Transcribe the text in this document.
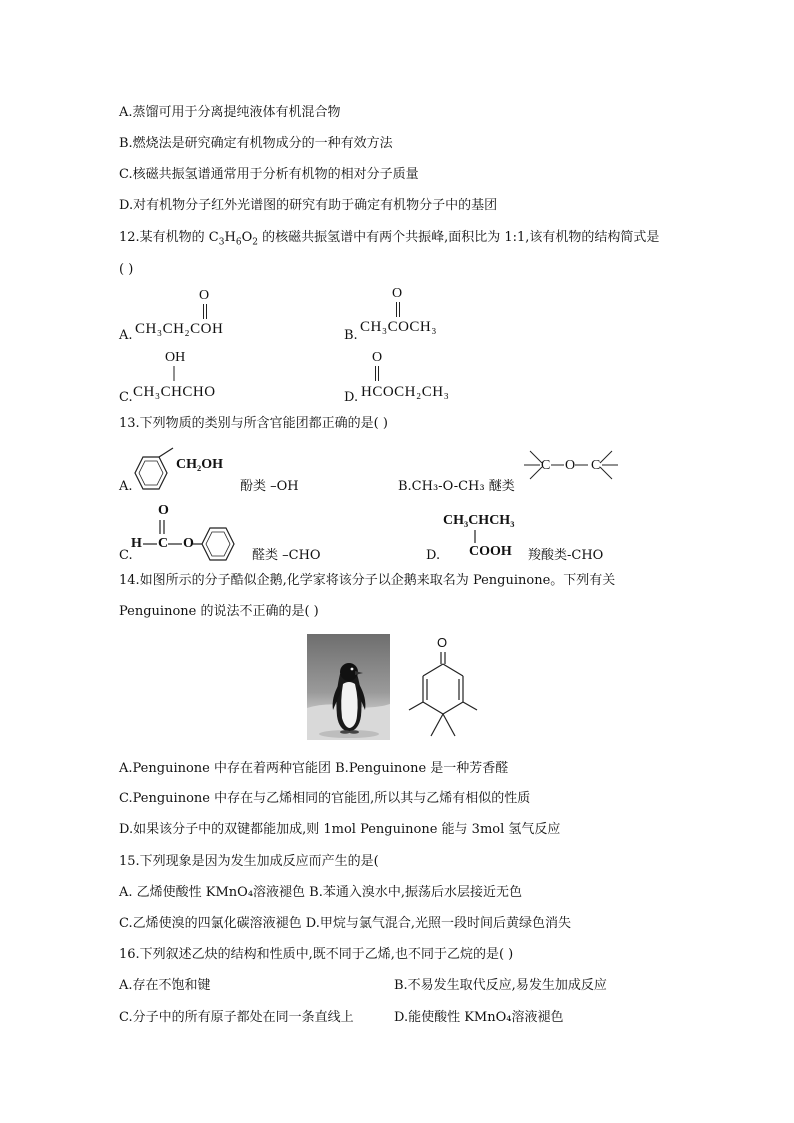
A.蒸馏可用于分离提纯液体有机混合物
B.燃烧法是研究确定有机物成分的一种有效方法
C.核磁共振氢谱通常用于分析有机物的相对分子质量
D.对有机物分子红外光谱图的研究有助于确定有机物分子中的基团
12.某有机物的 $C_3H_6O_2$ 的核磁共振氢谱中有两个共振峰,面积比为 1:1,该有机物的结构简式是
( )
A. CH₃CH₂COH
O
B.
CH₃COCH₃
O
C. CH₃CHCHO
OH
D. HCOCH₂CH₃
O
13.下列物质的类别与所含官能团都正确的是( )
A.
CH₂OH
酚类 –OH	B.CH₃-O-CH₃ 醚类
C O C
C.
H C
O
O
醛类 –CHO	D.
CH₃CHCH₃
COOH 羧酸类-CHO
14.如图所示的分子酷似企鹅,化学家将该分子以企鹅来取名为 Penguinone。下列有关
Penguinone 的说法不正确的是( )
O
A.Penguinone 中存在着两种官能团 B.Penguinone 是一种芳香醛
C.Penguinone 中存在与乙烯相同的官能团,所以其与乙烯有相似的性质
D.如果该分子中的双键都能加成,则 1mol Penguinone 能与 3mol 氢气反应
15.下列现象是因为发生加成反应而产生的是(
A. 乙烯使酸性 KMnO₄溶液褪色 B.苯通入溴水中,振荡后水层接近无色
C.乙烯使溴的四氯化碳溶液褪色 D.甲烷与氯气混合,光照一段时间后黄绿色消失
16.下列叙述乙炔的结构和性质中,既不同于乙烯,也不同于乙烷的是( )
A.存在不饱和键	B.不易发生取代反应,易发生加成反应
C.分子中的所有原子都处在同一条直线上	D.能使酸性 KMnO₄溶液褪色
